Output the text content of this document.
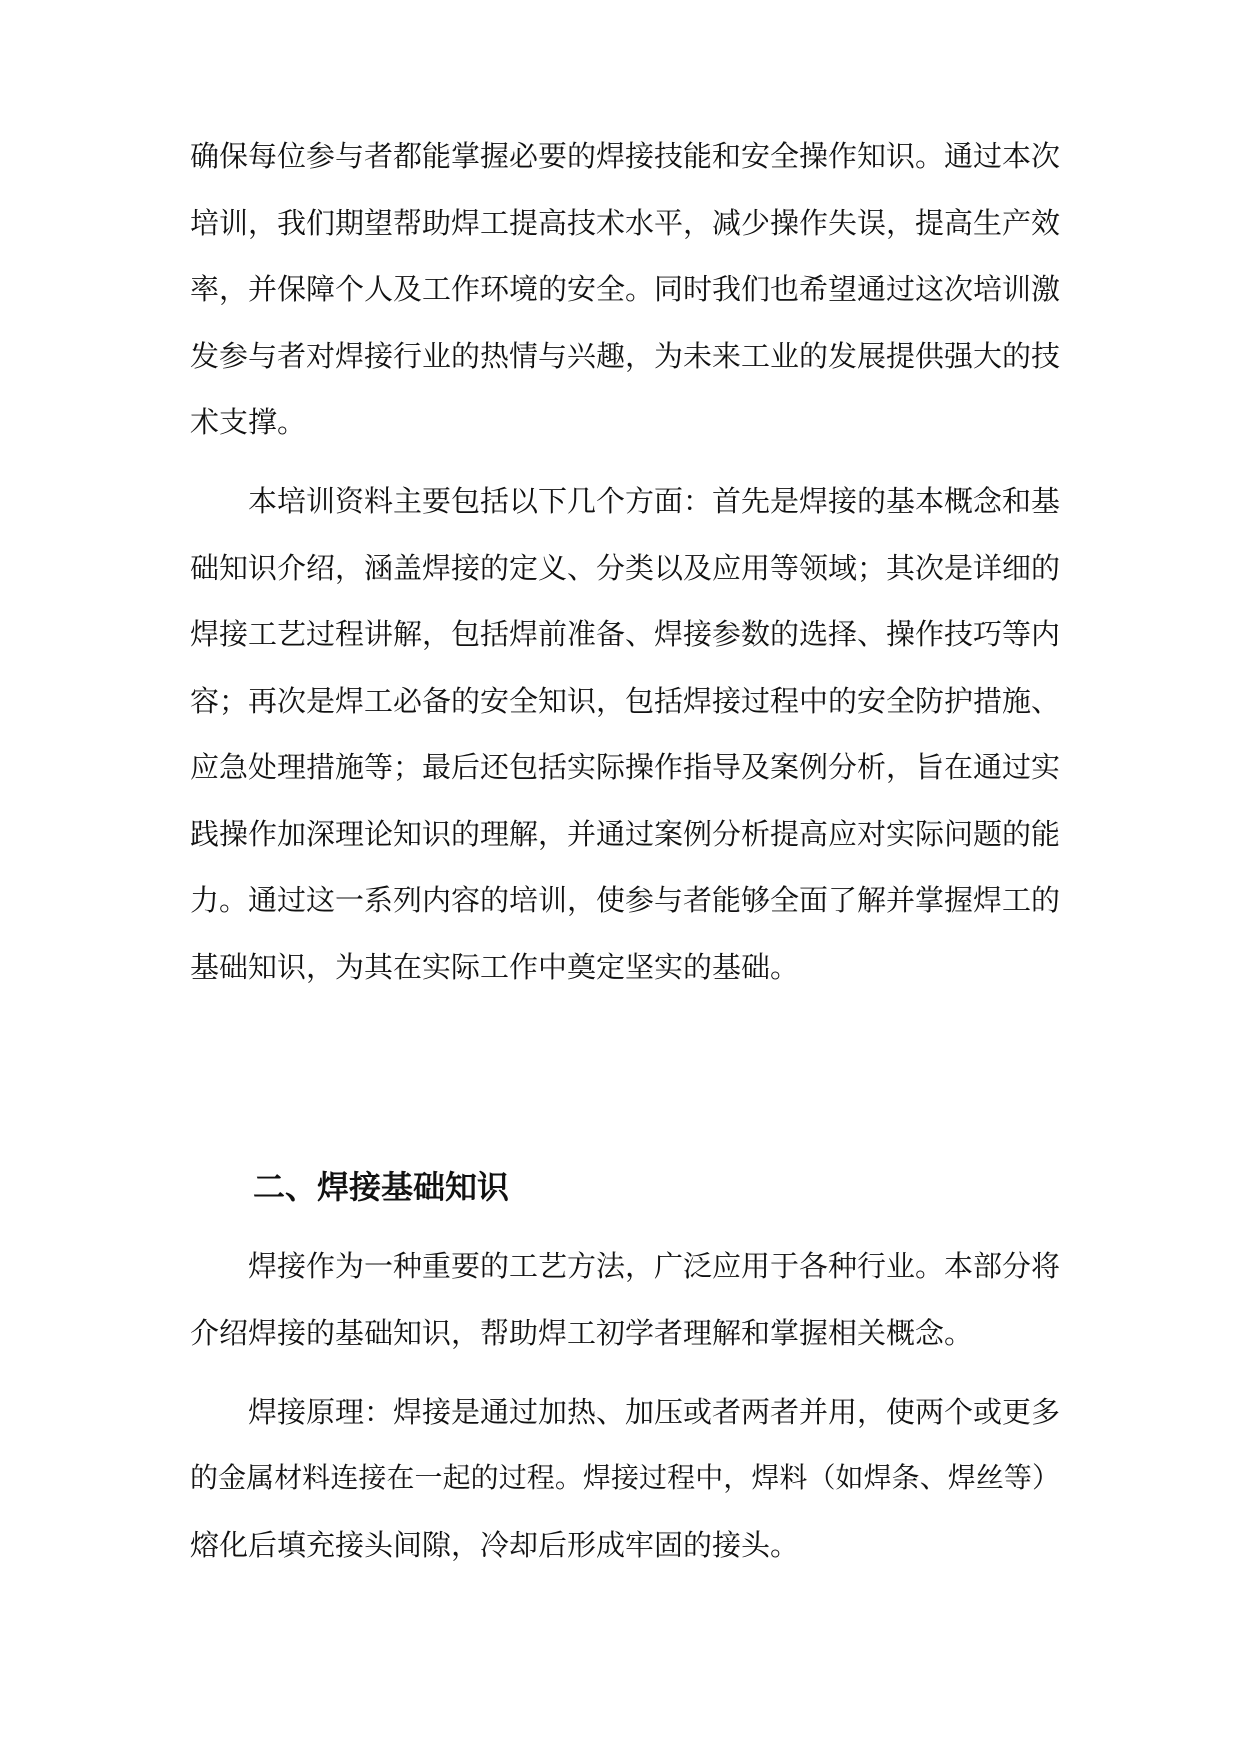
确保每位参与者都能掌握必要的焊接技能和安全操作知识。通过本次
培训，我们期望帮助焊工提高技术水平，减少操作失误，提高生产效
率，并保障个人及工作环境的安全。同时我们也希望通过这次培训激
发参与者对焊接行业的热情与兴趣，为未来工业的发展提供强大的技
术支撑。
本培训资料主要包括以下几个方面：首先是焊接的基本概念和基
础知识介绍，涵盖焊接的定义、分类以及应用等领域；其次是详细的
焊接工艺过程讲解，包括焊前准备、焊接参数的选择、操作技巧等内
容；再次是焊工必备的安全知识，包括焊接过程中的安全防护措施、
应急处理措施等；最后还包括实际操作指导及案例分析，旨在通过实
践操作加深理论知识的理解，并通过案例分析提高应对实际问题的能
力。通过这一系列内容的培训，使参与者能够全面了解并掌握焊工的
基础知识，为其在实际工作中奠定坚实的基础。
二、焊接基础知识
焊接作为一种重要的工艺方法，广泛应用于各种行业。本部分将
介绍焊接的基础知识，帮助焊工初学者理解和掌握相关概念。
焊接原理：焊接是通过加热、加压或者两者并用，使两个或更多
的金属材料连接在一起的过程。焊接过程中，焊料（如焊条、焊丝等）
熔化后填充接头间隙，冷却后形成牢固的接头。
